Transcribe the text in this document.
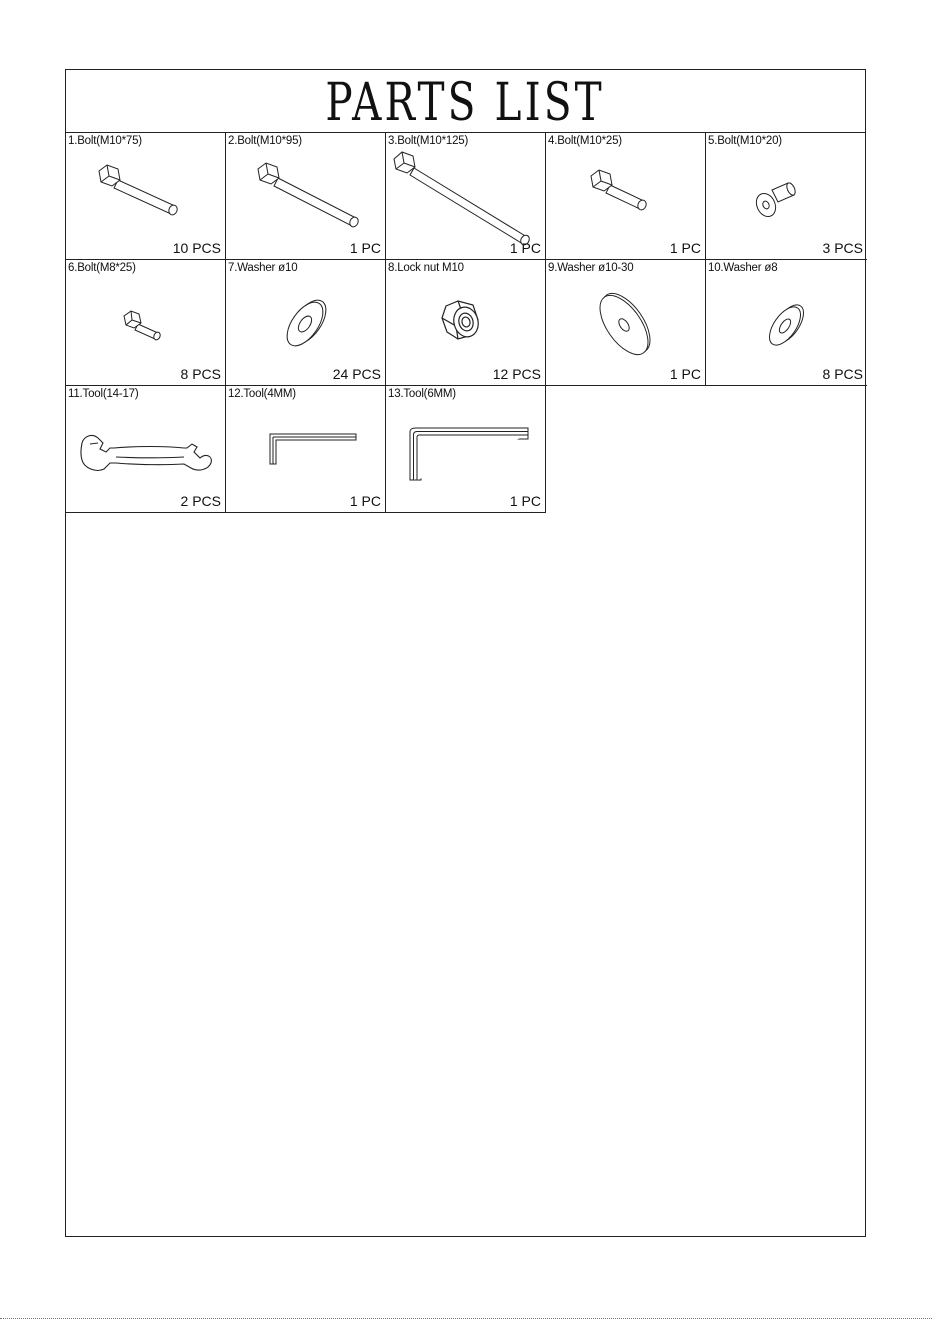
PARTS LIST
1.Bolt(M10*75)
10 PCS
2.Bolt(M10*95)
1 PC
3.Bolt(M10*125)
1 PC
4.Bolt(M10*25)
1 PC
5.Bolt(M10*20)
3 PCS
6.Bolt(M8*25)
8 PCS
7.Washer ø10
24 PCS
8.Lock nut M10
12 PCS
9.Washer ø10-30
1 PC
10.Washer ø8
8 PCS
11.Tool(14-17)
2 PCS
12.Tool(4MM)
1 PC
13.Tool(6MM)
1 PC
